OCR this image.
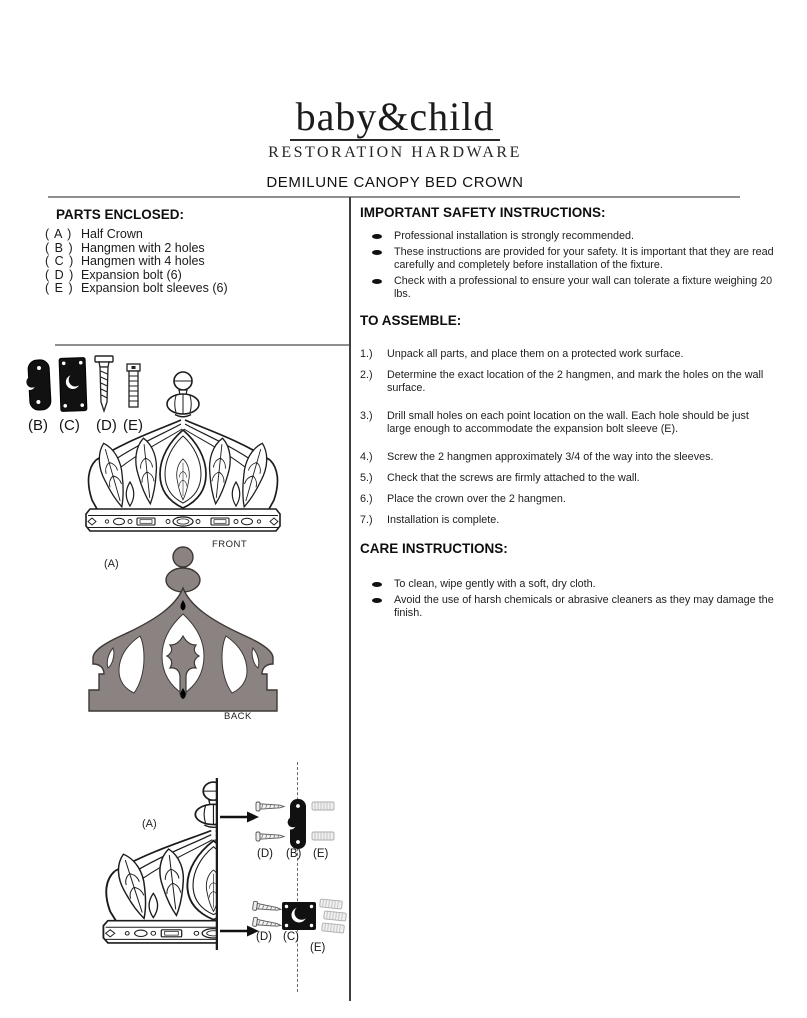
baby&child
RESTORATION HARDWARE
DEMILUNE CANOPY BED CROWN
PARTS ENCLOSED:
( A ) Half Crown
( B ) Hangmen with 2 holes
( C ) Hangmen with 4 holes
( D ) Expansion bolt (6)
( E ) Expansion bolt sleeves (6)
(B) (C) (D) (E)
FRONT
(A)
BACK
(A)
(D) (B) (E)
(D) (C)
(E)
IMPORTANT SAFETY INSTRUCTIONS:
Professional installation is strongly recommended.
These instructions are provided for your safety. It is important that they are read carefully and completely before installation of the fixture.
Check with a professional to ensure your wall can tolerate a fixture weighing 20 lbs.
TO ASSEMBLE:
1.)	Unpack all parts, and place them on a protected work surface.
2.)	Determine the exact location of the 2 hangmen, and mark the holes on the wall surface.
3.)	Drill small holes on each point location on the wall. Each hole should be just large enough to accommodate the expansion bolt sleeve (E).
4.)	Screw the 2 hangmen approximately 3/4 of the way into the sleeves.
5.)	Check that the screws are firmly attached to the wall.
6.)	Place the crown over the 2 hangmen.
7.)	Installation is complete.
CARE INSTRUCTIONS:
To clean, wipe gently with a soft, dry cloth.
Avoid the use of harsh chemicals or abrasive cleaners as they may damage the finish.
